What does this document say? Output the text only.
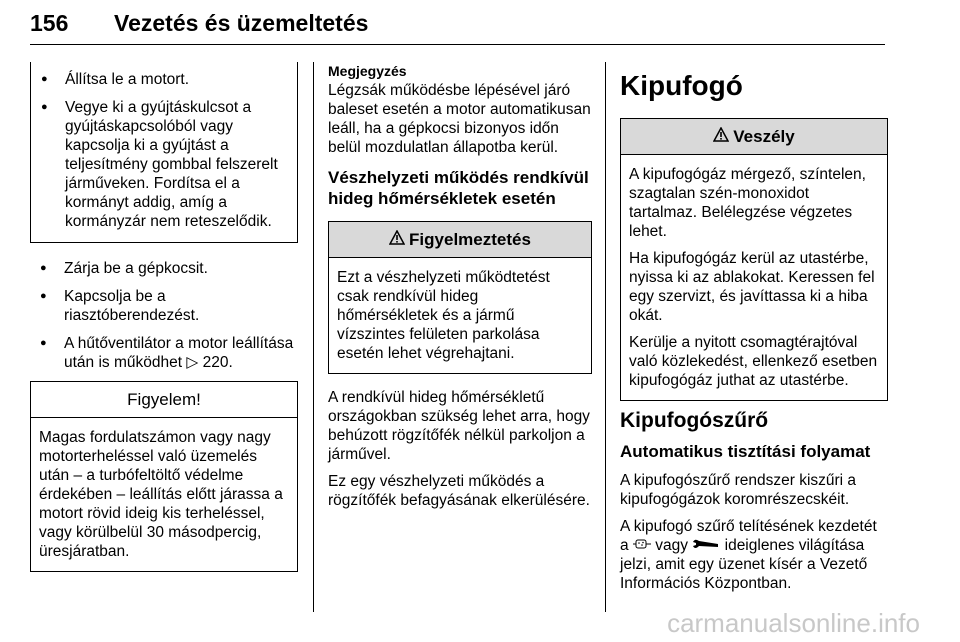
156 Vezetés és üzemeltetés
● Állítsa le a motort.
● Vegye ki a gyújtáskulcsot a gyújtáskapcsolóból vagy kapcsolja ki a gyújtást a teljesítmény gombbal felszerelt járműveken. Fordítsa el a kormányt addig, amíg a kormányzár nem reteszelődik.
● Zárja be a gépkocsit.
● Kapcsolja be a riasztóberendezést.
● A hűtőventilátor a motor leállítása után is működhet ▷ 220.
Figyelem!

Magas fordulatszámon vagy nagy motorterheléssel való üzemelés után – a turbófeltöltő védelme érdekében – leállítás előtt járassa a motort rövid ideig kis terheléssel, vagy körülbelül 30 másodpercig, üresjáratban.

Megjegyzés

Légzsák működésbe lépésével járó baleset esetén a motor automatikusan leáll, ha a gépkocsi bizonyos időn belül mozdulatlan állapotba kerül.

Vészhelyzeti működés rendkívül hideg hőmérsékletek esetén
Figyelmeztetés

Ezt a vészhelyzeti működtetést csak rendkívül hideg hőmérsékletek és a jármű vízszintes felületen parkolása esetén lehet végrehajtani.

A rendkívül hideg hőmérsékletű országokban szükség lehet arra, hogy behúzott rögzítőfék nélkül parkoljon a járművel.

Ez egy vészhelyzeti működés a rögzítőfék befagyásának elkerülésére.

Kipufogó
Veszély

A kipufogógáz mérgező, színtelen, szagtalan szén-monoxidot tartalmaz. Belélegzése végzetes lehet.

Ha kipufogógáz kerül az utastérbe, nyissa ki az ablakokat. Keressen fel egy szervizt, és javíttassa ki a hiba okát.

Kerülje a nyitott csomagtérajtóval való közlekedést, ellenkező esetben kipufogógáz juthat az utastérbe.

Kipufogószűrő
Automatikus tisztítási folyamat

A kipufogószűrő rendszer kiszűri a kipufogógázok koromrészecskéit.

A kipufogó szűrő telítésének kezdetét a vagy ideiglenes világítása jelzi, amit egy üzenet kísér a Vezető Információs Központban.

carmanualsonline.info
